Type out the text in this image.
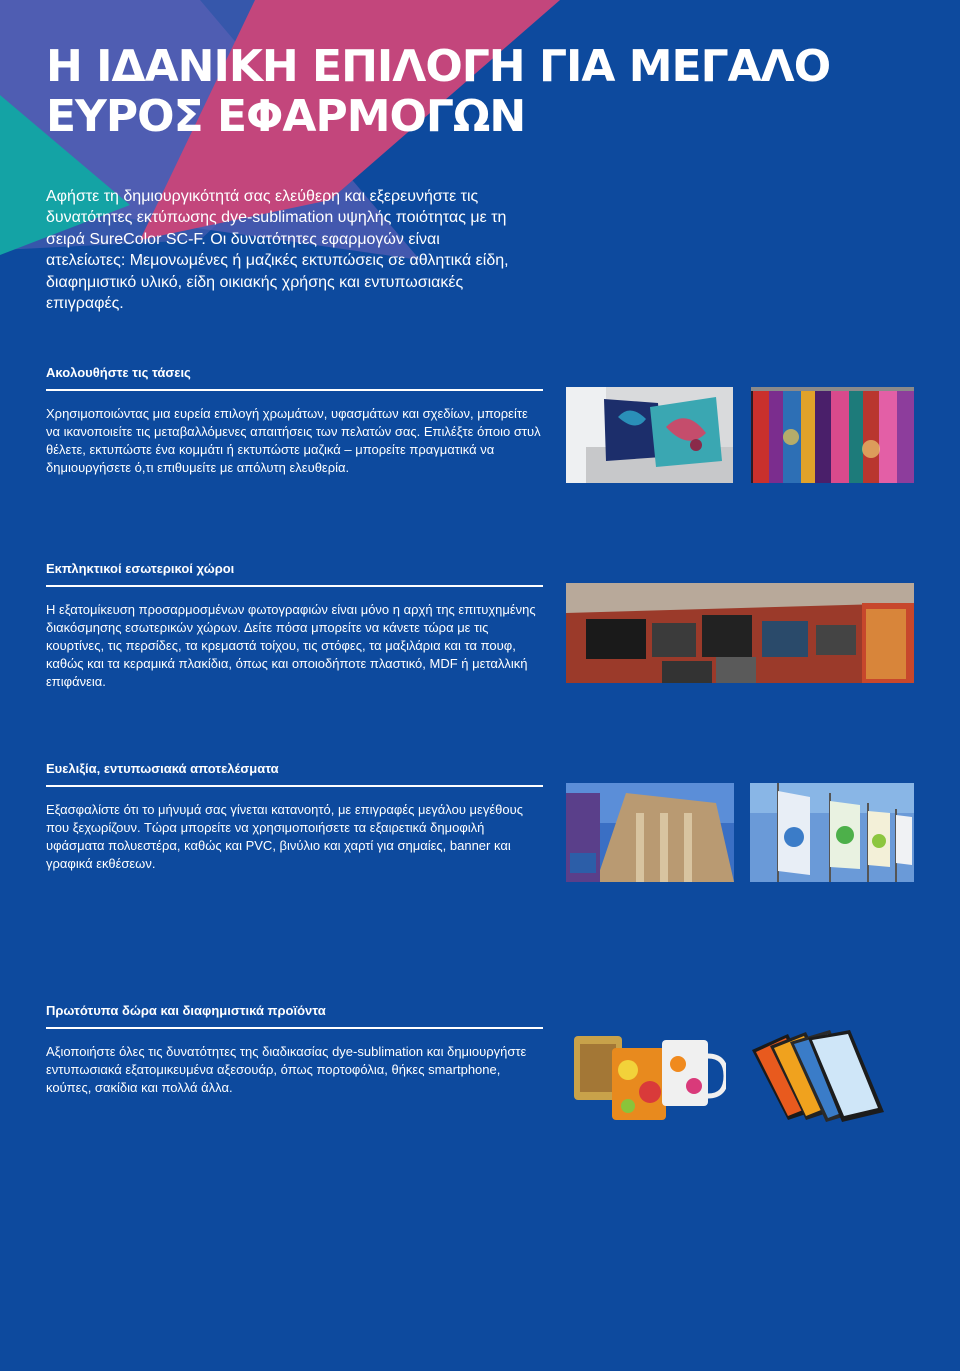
Η ΙΔΑΝΙΚΗ ΕΠΙΛΟΓΗ ΓΙΑ ΜΕΓΑΛΟ
ΕΥΡΟΣ ΕΦΑΡΜΟΓΩΝ

Αφήστε τη δημιουργικότητά σας ελεύθερη και εξερευνήστε τις δυνατότητες εκτύπωσης dye-sublimation υψηλής ποιότητας με τη σειρά SureColor SC-F. Οι δυνατότητες εφαρμογών είναι ατελείωτες: Μεμονωμένες ή μαζικές εκτυπώσεις σε αθλητικά είδη, διαφημιστικό υλικό, είδη οικιακής χρήσης και εντυπωσιακές επιγραφές.

Ακολουθήστε τις τάσεις

Χρησιμοποιώντας μια ευρεία επιλογή χρωμάτων, υφασμάτων και σχεδίων, μπορείτε να ικανοποιείτε τις μεταβαλλόμενες απαιτήσεις των πελατών σας. Επιλέξτε όποιο στυλ θέλετε, εκτυπώστε ένα κομμάτι ή εκτυπώστε μαζικά – μπορείτε πραγματικά να δημιουργήσετε ό,τι επιθυμείτε με απόλυτη ελευθερία.

Εκπληκτικοί εσωτερικοί χώροι

Η εξατομίκευση προσαρμοσμένων φωτογραφιών είναι μόνο η αρχή της επιτυχημένης διακόσμησης εσωτερικών χώρων. Δείτε πόσα μπορείτε να κάνετε τώρα με τις κουρτίνες, τις περσίδες, τα κρεμαστά τοίχου, τις στόφες, τα μαξιλάρια και τα πουφ, καθώς και τα κεραμικά πλακίδια, όπως και οποιοδήποτε πλαστικό, MDF ή μεταλλική επιφάνεια.

Ευελιξία, εντυπωσιακά αποτελέσματα

Εξασφαλίστε ότι το μήνυμά σας γίνεται κατανοητό, με επιγραφές μεγάλου μεγέθους που ξεχωρίζουν. Τώρα μπορείτε να χρησιμοποιήσετε τα εξαιρετικά δημοφιλή υφάσματα πολυεστέρα, καθώς και PVC, βινύλιο και χαρτί για σημαίες, banner και γραφικά εκθέσεων.

Πρωτότυπα δώρα και διαφημιστικά προϊόντα

Αξιοποιήστε όλες τις δυνατότητες της διαδικασίας dye-sublimation και δημιουργήστε εντυπωσιακά εξατομικευμένα αξεσουάρ, όπως πορτοφόλια, θήκες smartphone, κούπες, σακίδια και πολλά άλλα.
